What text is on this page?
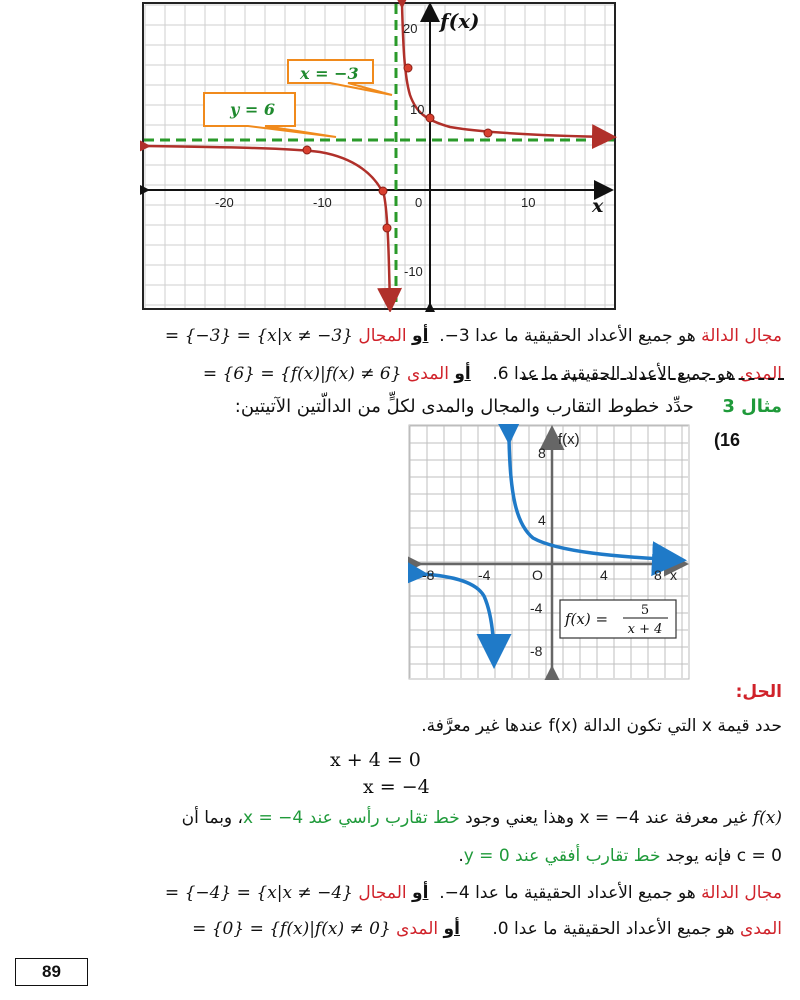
-20	-10	0	10
20
10
-10
x
f(x)
x = −3
y = 6
مجال الدالة هو جميع الأعداد الحقيقية ما عدا 3−.  أو المجال = {−3} = {x|x ≠ −3}
المدى هو جميع الأعداد الحقيقية ما عدا 6.    أو المدى = {6} = {f(x)|f(x) ≠ 6}
مثال 3     حدِّد خطوط التقارب والمجال والمدى لكلٍّ من الدالّتين الآتيتين:
(16
-8	-4	O	4	8 x
8
4
-4
-8
f(x)
f(x) =	5
x + 4
الحل:
حدد قيمة x التي تكون الدالة f(x) عندها غير معرَّفة.
x + 4 = 0
x = −4
f(x) غير معرفة عند 4− = x وهذا يعني وجود خط تقارب رأسي عند 4− = x، وبما أن
c = 0 فإنه يوجد خط تقارب أفقي عند y = 0.
مجال الدالة هو جميع الأعداد الحقيقية ما عدا 4−.  أو المجال = {−4} = {x|x ≠ −4}
المدى هو جميع الأعداد الحقيقية ما عدا 0.      أو المدى = {0} = {f(x)|f(x) ≠ 0}
89
